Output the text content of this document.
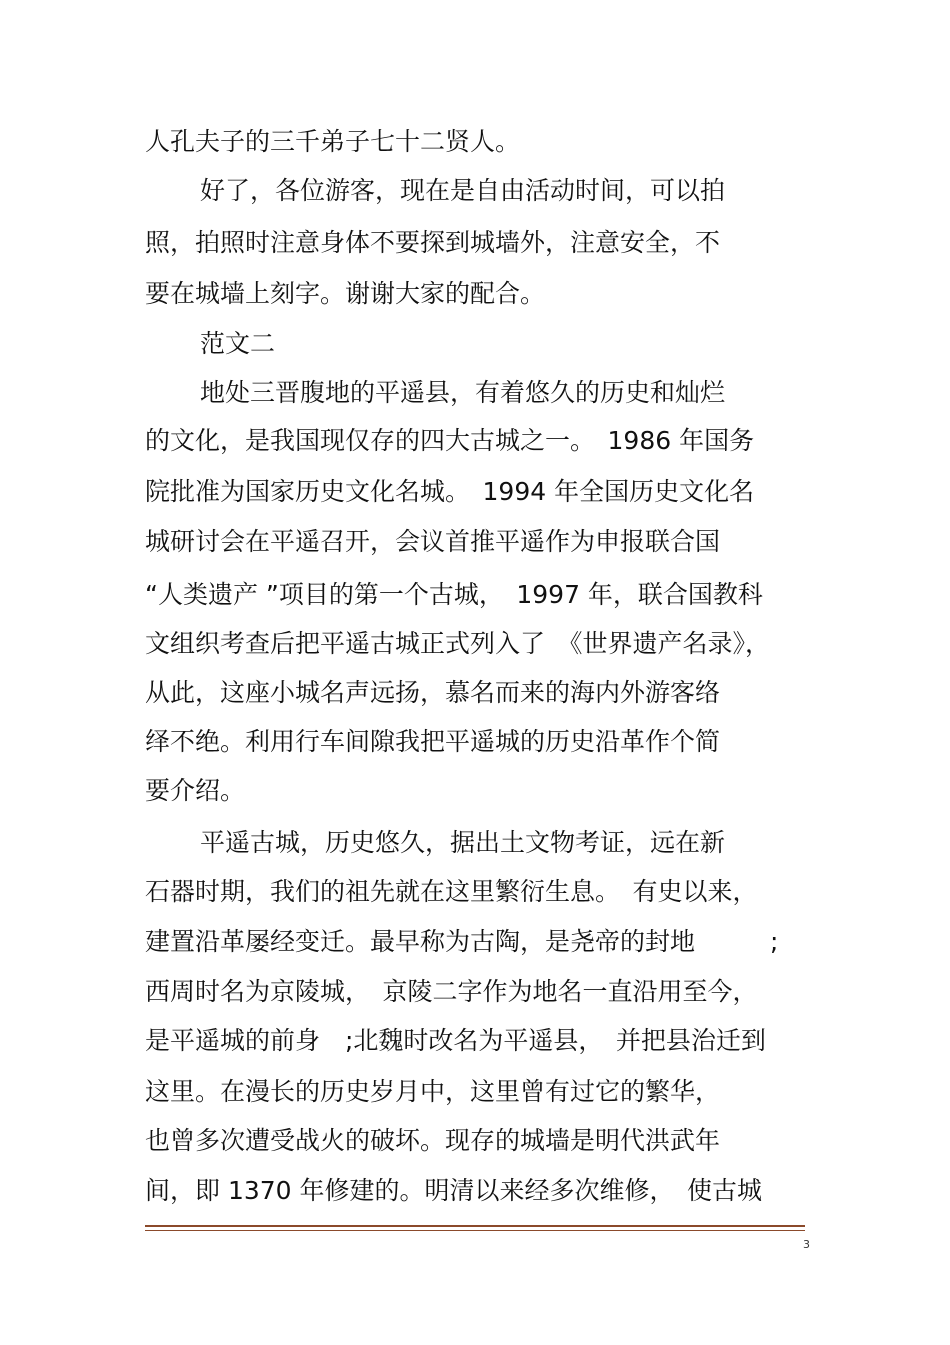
人孔夫子的三千弟子七十二贤人。
好了，各位游客，现在是自由活动时间，可以拍
照，拍照时注意身体不要探到城墙外，注意安全，不
要在城墙上刻字。谢谢大家的配合。
范文二
地处三晋腹地的平遥县，有着悠久的历史和灿烂
的文化，是我国现仅存的四大古城之一。　1986 年国务
院批准为国家历史文化名城。　1994 年全国历史文化名
城研讨会在平遥召开，会议首推平遥作为申报联合国
“人类遗产 ”项目的第一个古城，　1997 年，联合国教科
文组织考查后把平遥古城正式列入了　《世界遗产名录》，
从此，这座小城名声远扬，慕名而来的海内外游客络
绎不绝。利用行车间隙我把平遥城的历史沿革作个简
要介绍。
平遥古城，历史悠久，据出土文物考证，远在新
石器时期，我们的祖先就在这里繁衍生息。　有史以来，
建置沿革屡经变迁。最早称为古陶，是尧帝的封地　　　;
西周时名为京陵城，　京陵二字作为地名一直沿用至今，
是平遥城的前身　;北魏时改名为平遥县，　并把县治迁到
这里。在漫长的历史岁月中，这里曾有过它的繁华，
也曾多次遭受战火的破坏。现存的城墙是明代洪武年
间，即 1370 年修建的。明清以来经多次维修，　使古城
3
